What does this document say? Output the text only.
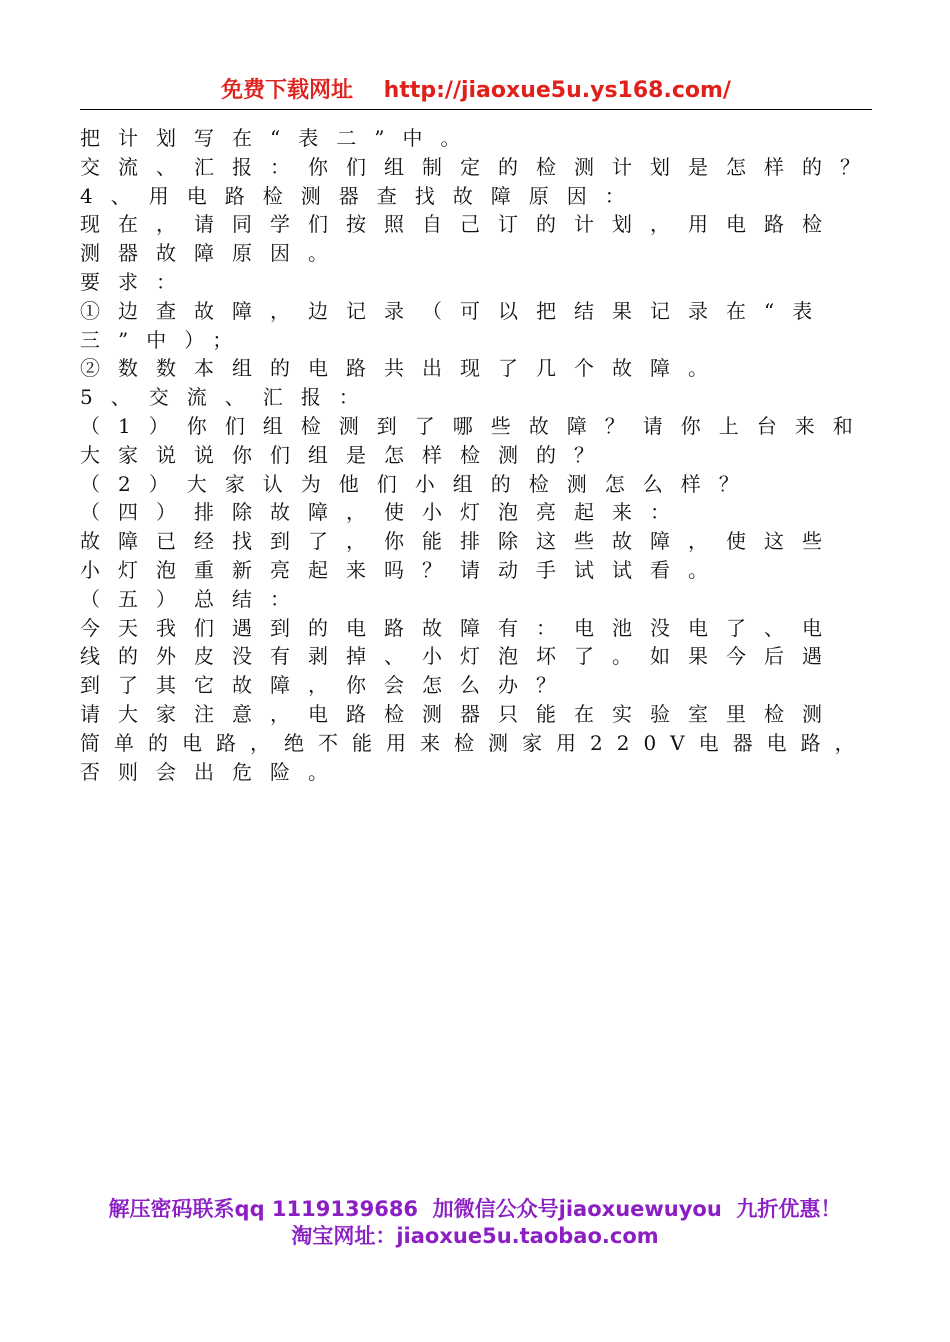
免费下载网址    http://jiaoxue5u.ys168.com/
把计划写在“表二”中。
交流、汇报：你们组制定的检测计划是怎样的？
4、用电路检测器查找故障原因：
现在，请同学们按照自己订的计划，用电路检
测器故障原因。
要求：
①边查故障，边记录（可以把结果记录在“表
三”中）；
②数数本组的电路共出现了几个故障。
5、交流、汇报：
（1）你们组检测到了哪些故障？请你上台来和
大家说说你们组是怎样检测的？
（2）大家认为他们小组的检测怎么样？
（四）排除故障，使小灯泡亮起来：
故障已经找到了，你能排除这些故障，使这些
小灯泡重新亮起来吗？请动手试试看。
（五）总结：
今天我们遇到的电路故障有：电池没电了、电
线的外皮没有剥掉、小灯泡坏了。如果今后遇
到了其它故障，你会怎么办？
请大家注意，电路检测器只能在实验室里检测
简单的电路，绝不能用来检测家用220V电器电路，
否则会出危险。
解压密码联系qq 1119139686  加微信公众号jiaoxuewuyou  九折优惠！
淘宝网址：jiaoxue5u.taobao.com
